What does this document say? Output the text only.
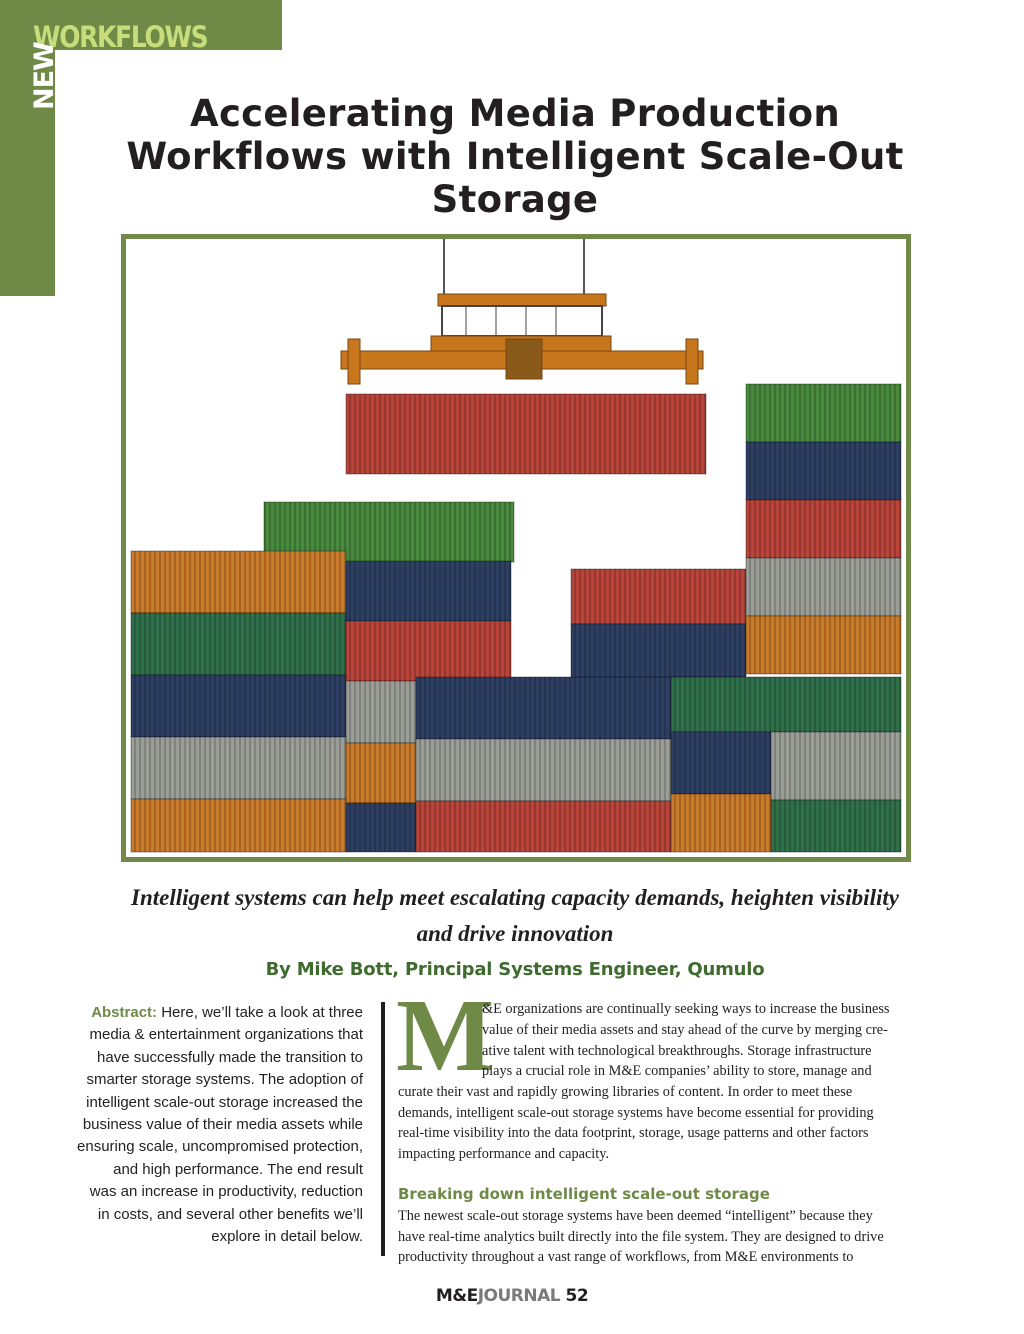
WORKFLOWS
NEW
Accelerating Media Production Workflows with Intelligent Scale-Out Storage

Intelligent systems can help meet escalating capacity demands, heighten visibility and drive innovation

By Mike Bott, Principal Systems Engineer, Qumulo

Abstract: Here, we’ll take a look at three
media & entertainment organizations that
have successfully made the transition to
smarter storage systems. The adoption of
intelligent scale-out storage increased the
business value of their media assets while
ensuring scale, uncompromised protection,
and high performance. The end result
was an increase in productivity, reduction
in costs, and several other benefits we’ll
explore in detail below.

M

&E organizations are continually seeking ways to increase the business

value of their media assets and stay ahead of the curve by merging cre-

ative talent with technological breakthroughs. Storage infrastructure

plays a crucial role in M&E companies’ ability to store, manage and

curate their vast and rapidly growing libraries of content. In order to meet these

demands, intelligent scale-out storage systems have become essential for providing

real-time visibility into the data footprint, storage, usage patterns and other factors

impacting performance and capacity.

Breaking down intelligent scale-out storage

The newest scale-out storage systems have been deemed “intelligent” because they

have real-time analytics built directly into the file system. They are designed to drive

productivity throughout a vast range of workflows, from M&E environments to

M&EJOURNAL 52
